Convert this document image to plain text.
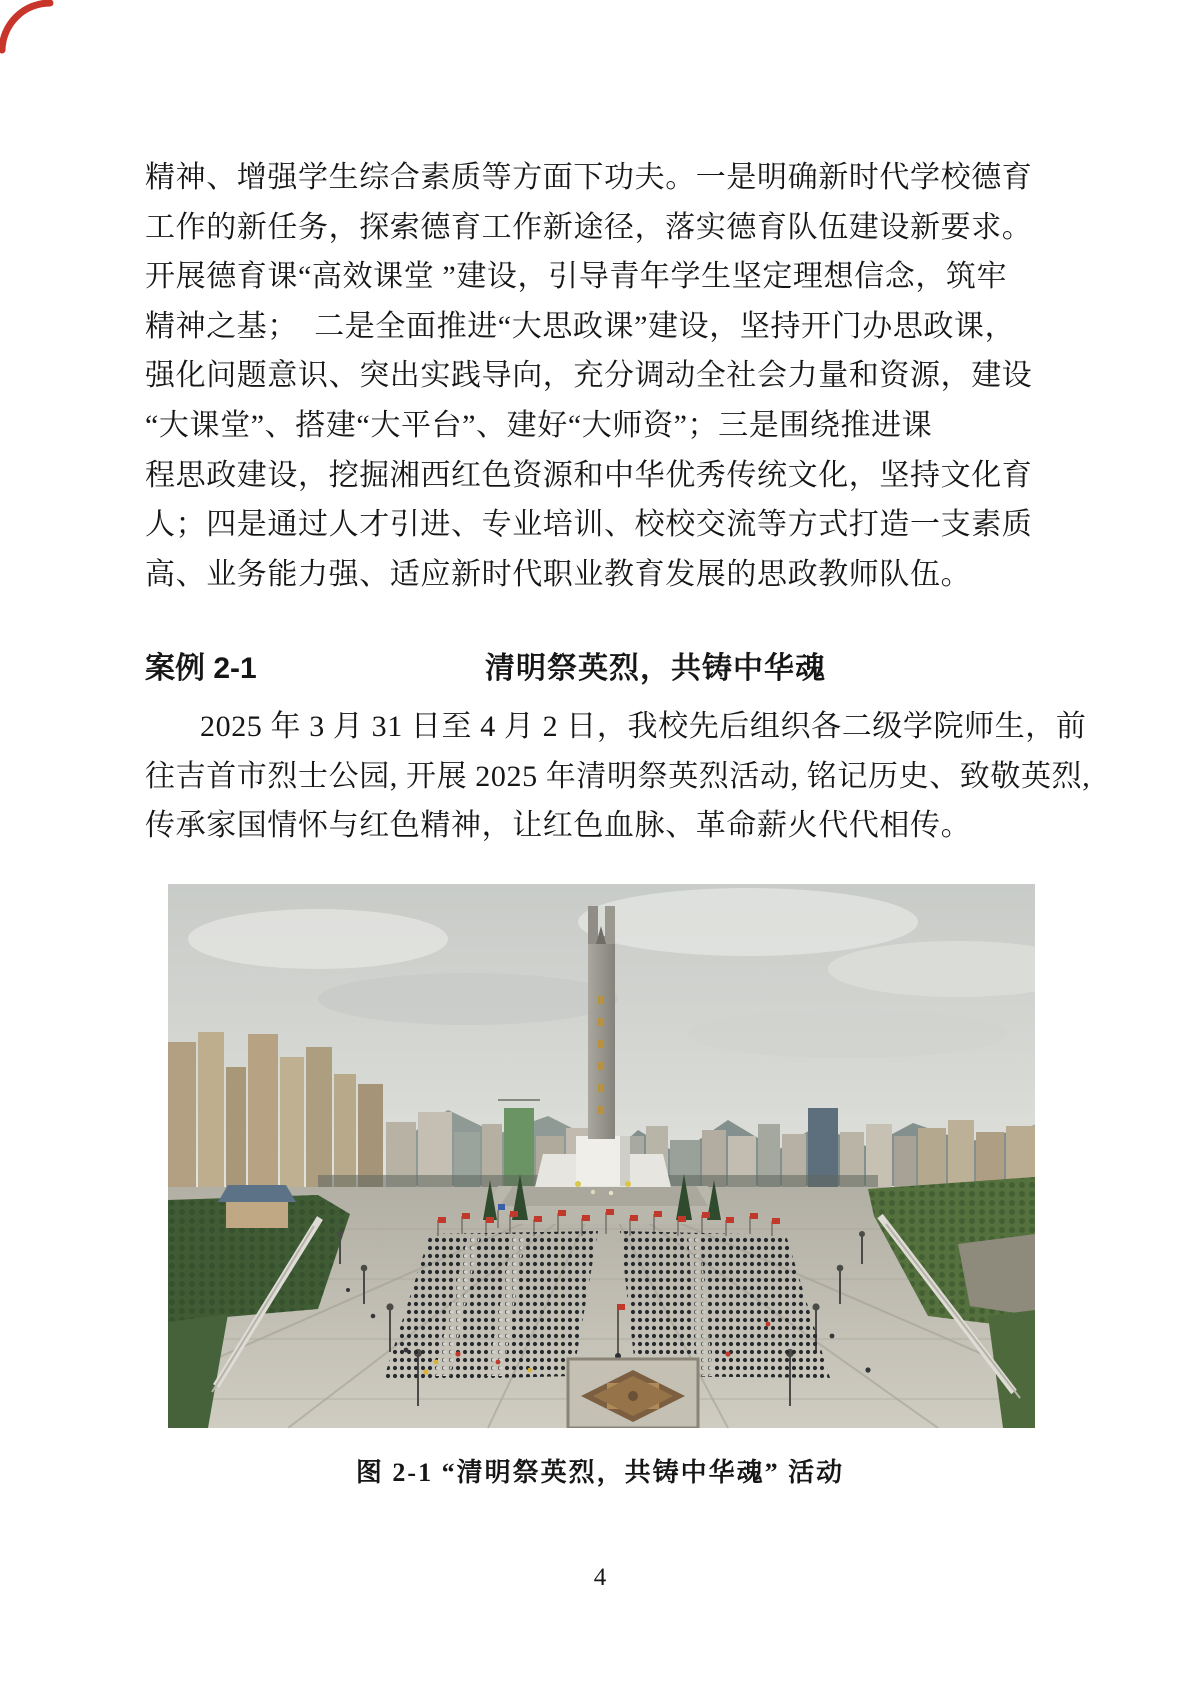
精神、增强学生综合素质等方面下功夫。一是明确新时代学校德育
工作的新任务，探索德育工作新途径，落实德育队伍建设新要求。
开展德育课“高效课堂 ”建设，引导青年学生坚定理想信念，筑牢
精神之基；  二是全面推进“大思政课”建设，坚持开门办思政课，
强化问题意识、突出实践导向，充分调动全社会力量和资源，建设
“大课堂”、搭建“大平台”、建好“大师资”；三是围绕推进课
程思政建设，挖掘湘西红色资源和中华优秀传统文化，坚持文化育
人；四是通过人才引进、专业培训、校校交流等方式打造一支素质
高、业务能力强、适应新时代职业教育发展的思政教师队伍。
案例 2-1	清明祭英烈，共铸中华魂
2025 年 3 月 31 日至 4 月 2 日，我校先后组织各二级学院师生，前
往吉首市烈士公园, 开展 2025 年清明祭英烈活动, 铭记历史、致敬英烈,
传承家国情怀与红色精神，让红色血脉、革命薪火代代相传。
图 2-1 “清明祭英烈，共铸中华魂” 活动
4
